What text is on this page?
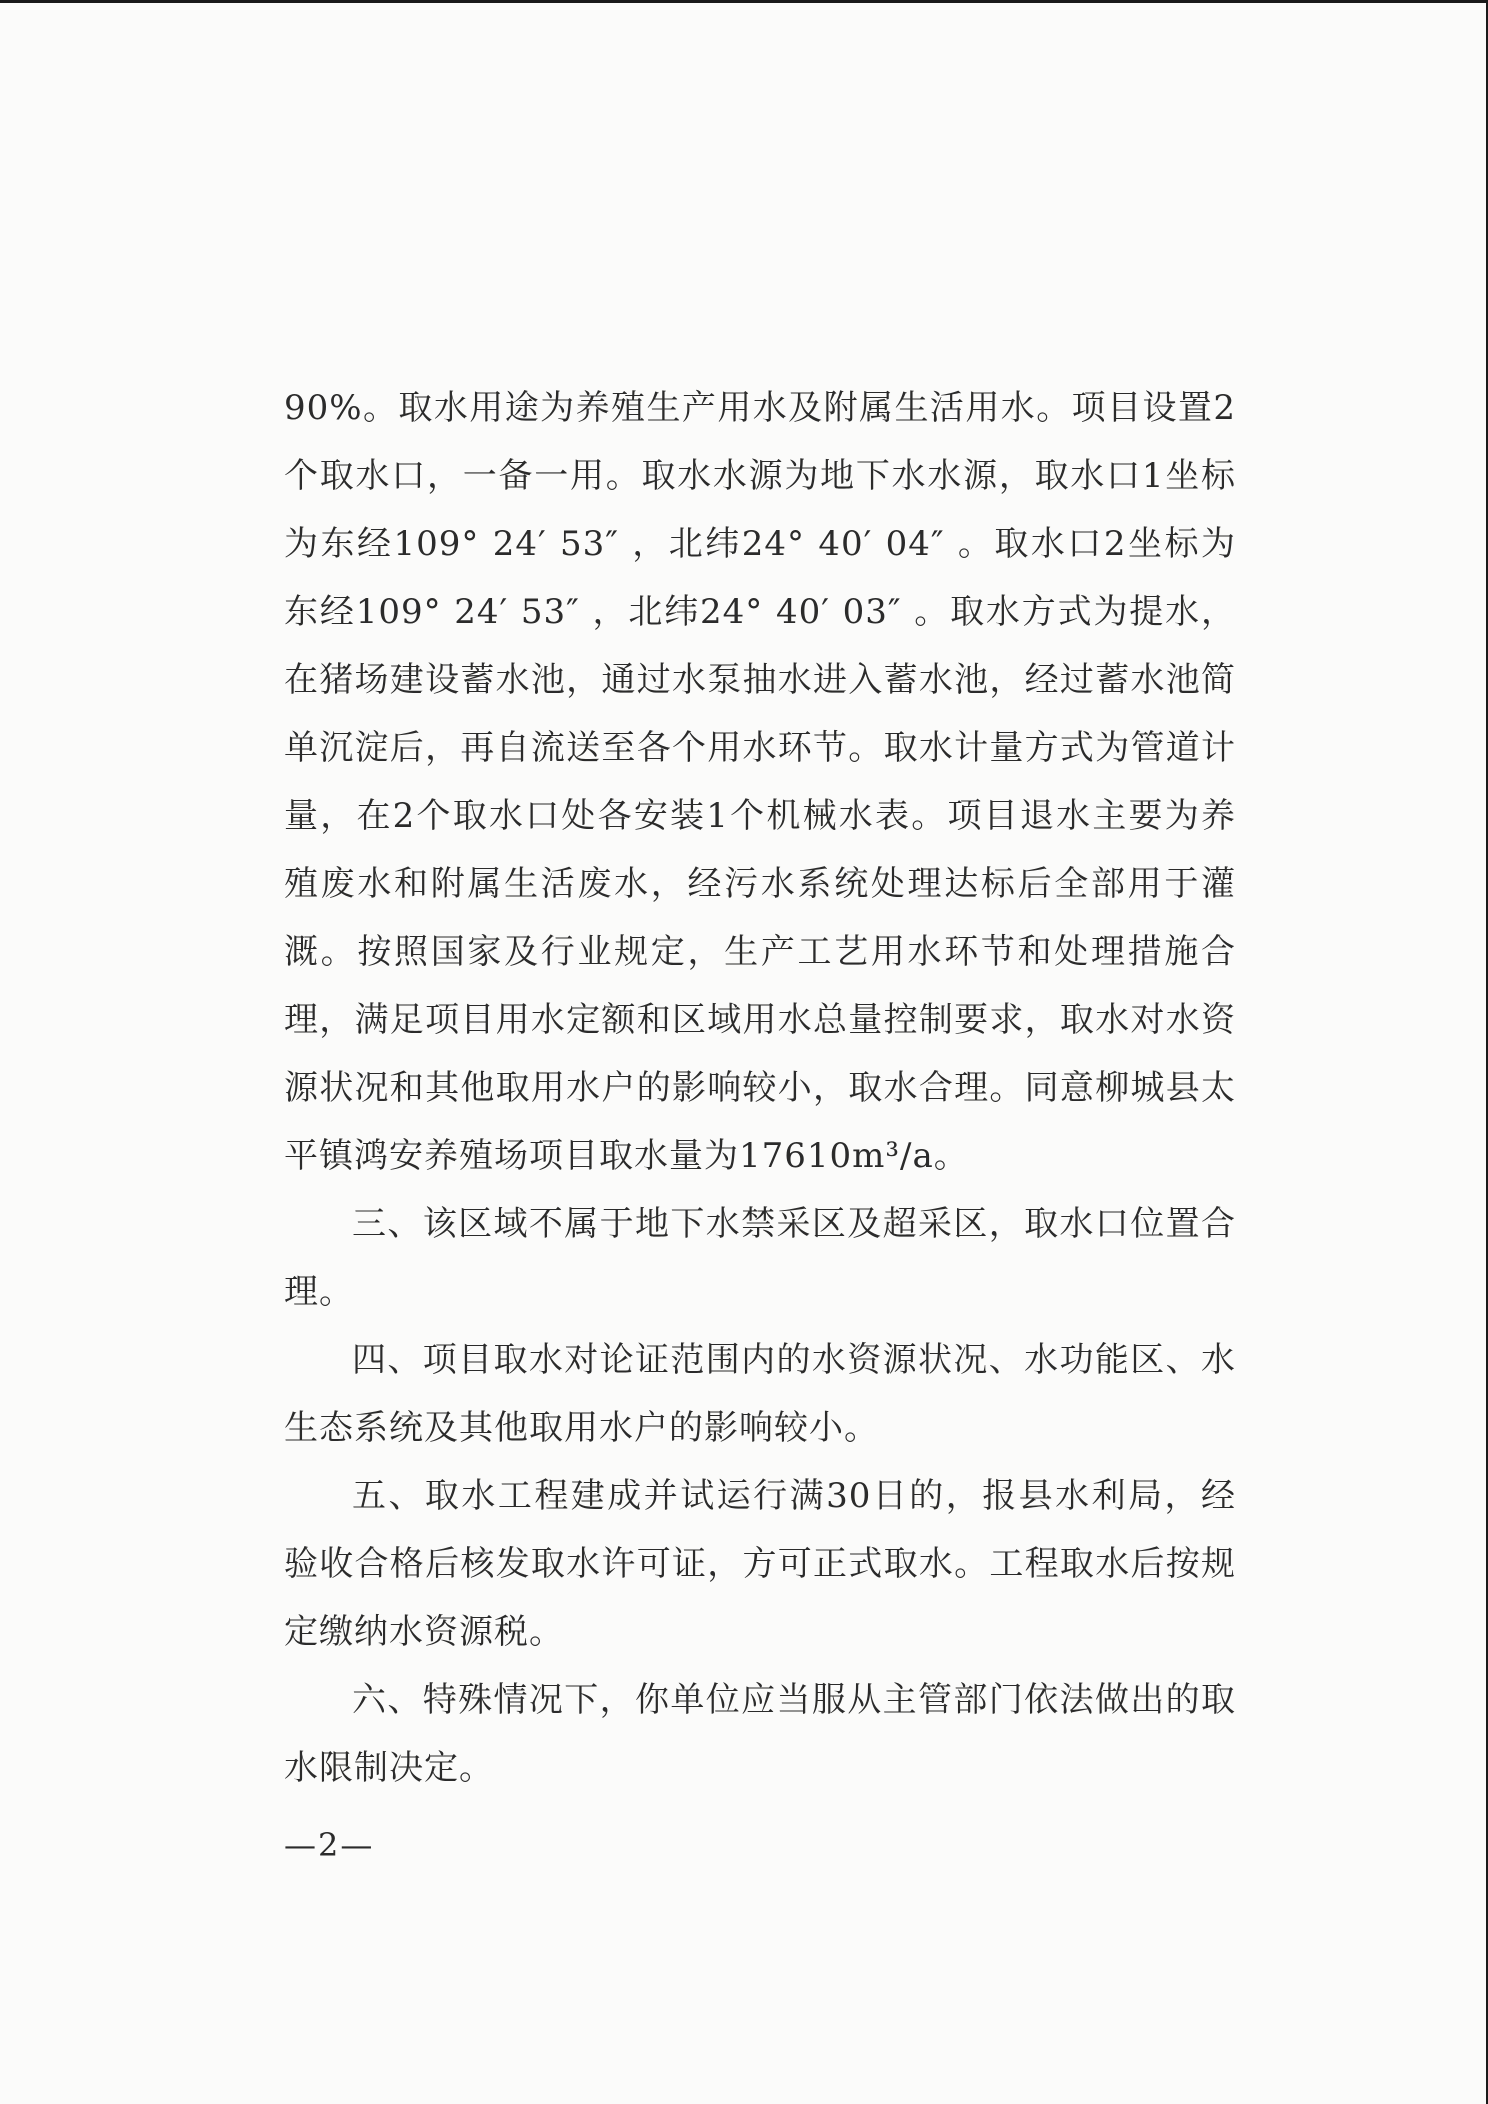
90%。取水用途为养殖生产用水及附属生活用水。项目设置2个取水口，一备一用。取水水源为地下水水源，取水口1坐标为东经109° 24′ 53″ ，北纬24° 40′ 04″ 。取水口2坐标为东经109° 24′ 53″ ，北纬24° 40′ 03″ 。取水方式为提水，在猪场建设蓄水池，通过水泵抽水进入蓄水池，经过蓄水池简单沉淀后，再自流送至各个用水环节。取水计量方式为管道计量，在2个取水口处各安装1个机械水表。项目退水主要为养殖废水和附属生活废水，经污水系统处理达标后全部用于灌溉。按照国家及行业规定，生产工艺用水环节和处理措施合理，满足项目用水定额和区域用水总量控制要求，取水对水资源状况和其他取用水户的影响较小，取水合理。同意柳城县太平镇鸿安养殖场项目取水量为17610m³/a。

三、该区域不属于地下水禁采区及超采区，取水口位置合理。

四、项目取水对论证范围内的水资源状况、水功能区、水生态系统及其他取用水户的影响较小。

五、取水工程建成并试运行满30日的，报县水利局，经验收合格后核发取水许可证，方可正式取水。工程取水后按规定缴纳水资源税。

六、特殊情况下，你单位应当服从主管部门依法做出的取水限制决定。

—2—
